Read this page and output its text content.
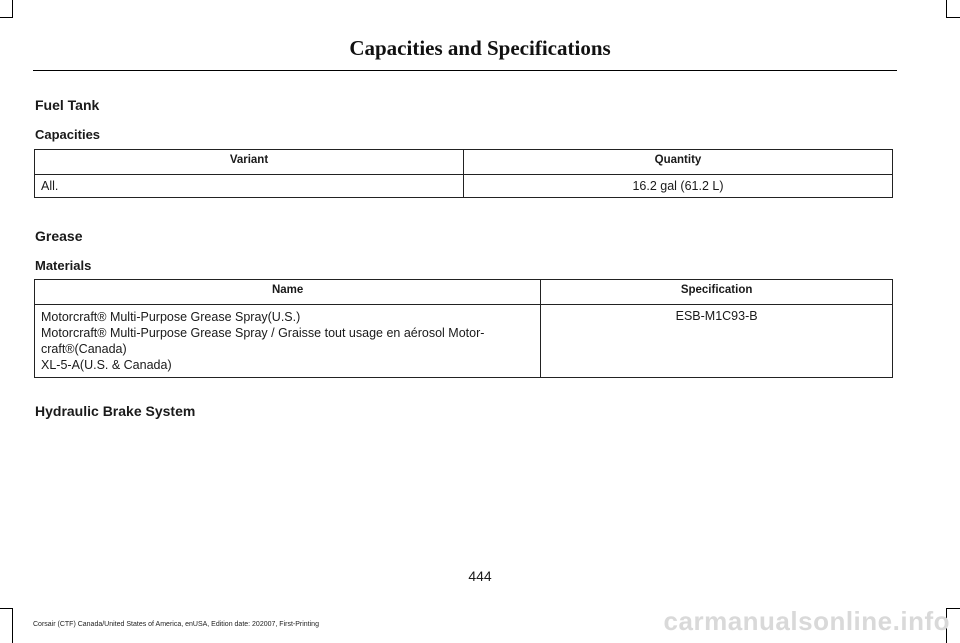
Capacities and Specifications
Fuel Tank
Capacities
Variant	Quantity
All.	16.2 gal (61.2 L)
Grease
Materials
Name	Specification

Motorcraft® Multi-Purpose Grease Spray(U.S.)
Motorcraft® Multi-Purpose Grease Spray / Graisse tout usage en aérosol Motor-
craft®(Canada)
XL-5-A(U.S. & Canada)	ESB-M1C93-B
Hydraulic Brake System
444
Corsair (CTF) Canada/United States of America, enUSA, Edition date: 202007, First-Printing	carmanualsonline.info
